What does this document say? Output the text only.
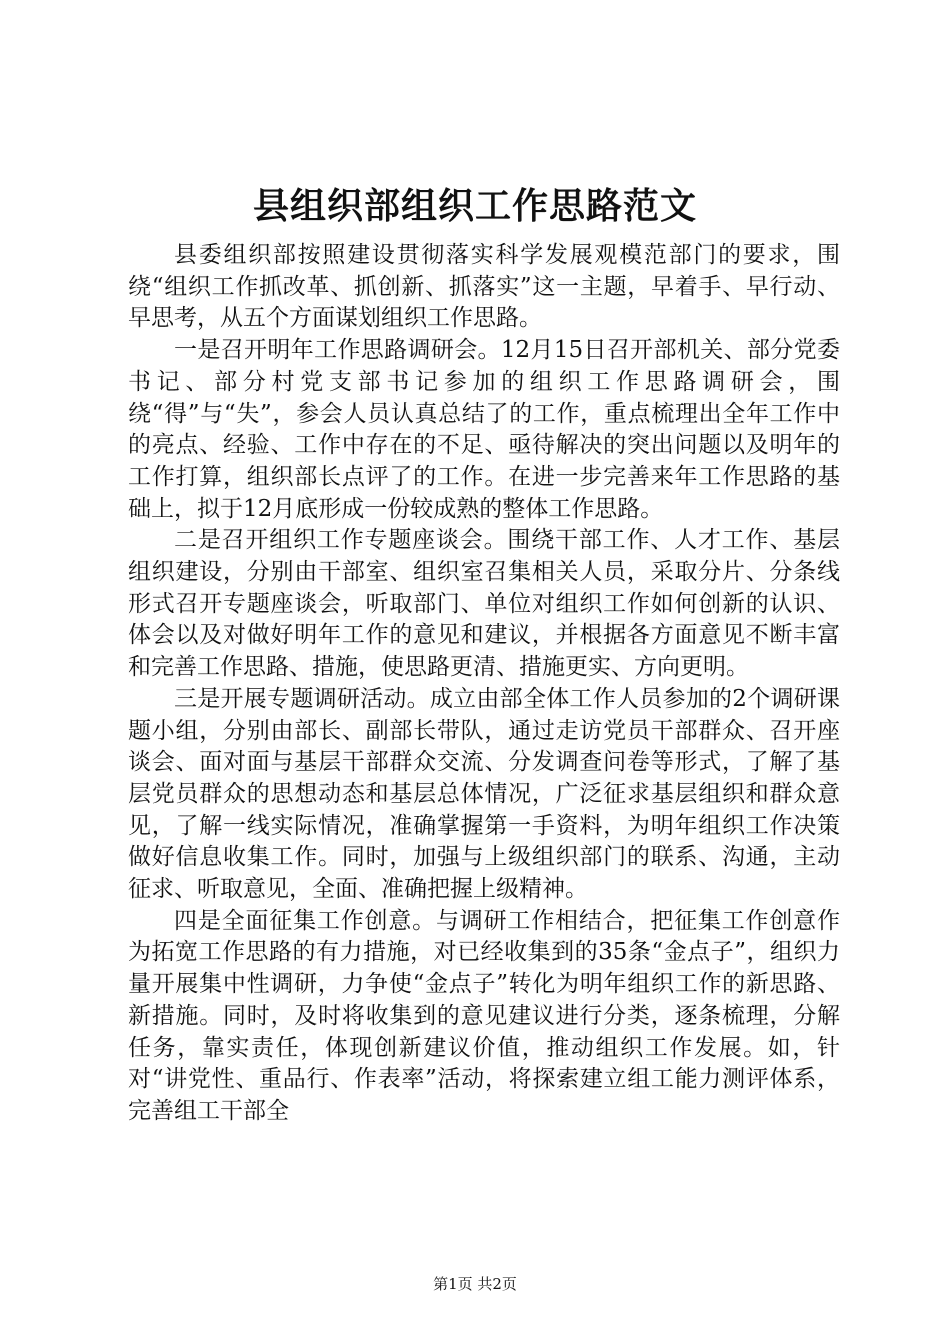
县组织部组织工作思路范文

县委组织部按照建设贯彻落实科学发展观模范部门的要求，围绕“组织工作抓改革、抓创新、抓落实”这一主题，早着手、早行动、早思考，从五个方面谋划组织工作思路。

一是召开明年工作思路调研会。12月15日召开部机关、部分党委书记、部分村党支部书记参加的组织工作思路调研会，围绕“得”与“失”，参会人员认真总结了的工作，重点梳理出全年工作中的亮点、经验、工作中存在的不足、亟待解决的突出问题以及明年的工作打算，组织部长点评了的工作。在进一步完善来年工作思路的基础上，拟于12月底形成一份较成熟的整体工作思路。

二是召开组织工作专题座谈会。围绕干部工作、人才工作、基层组织建设，分别由干部室、组织室召集相关人员，采取分片、分条线形式召开专题座谈会，听取部门、单位对组织工作如何创新的认识、体会以及对做好明年工作的意见和建议，并根据各方面意见不断丰富和完善工作思路、措施，使思路更清、措施更实、方向更明。

三是开展专题调研活动。成立由部全体工作人员参加的2个调研课题小组，分别由部长、副部长带队，通过走访党员干部群众、召开座谈会、面对面与基层干部群众交流、分发调查问卷等形式，了解了基层党员群众的思想动态和基层总体情况，广泛征求基层组织和群众意见，了解一线实际情况，准确掌握第一手资料，为明年组织工作决策做好信息收集工作。同时，加强与上级组织部门的联系、沟通，主动征求、听取意见，全面、准确把握上级精神。

四是全面征集工作创意。与调研工作相结合，把征集工作创意作为拓宽工作思路的有力措施，对已经收集到的35条“金点子”，组织力量开展集中性调研，力争使“金点子”转化为明年组织工作的新思路、新措施。同时，及时将收集到的意见建议进行分类，逐条梳理，分解任务，靠实责任，体现创新建议价值，推动组织工作发展。如，针对“讲党性、重品行、作表率”活动，将探索建立组工能力测评体系，完善组工干部全

第1页 共2页
